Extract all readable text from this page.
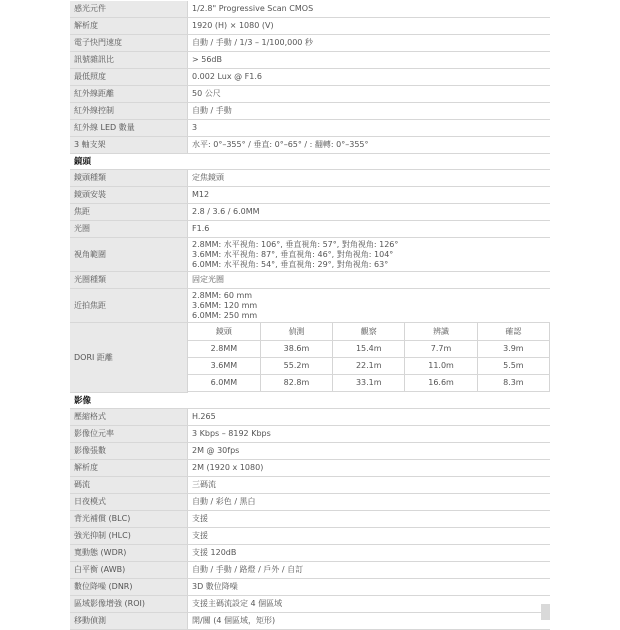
感光元件	1/2.8" Progressive Scan CMOS
解析度	1920 (H) × 1080 (V)
電子快門速度	自動 / 手動 / 1/3 – 1/100,000 秒
訊號雜訊比	> 56dB
最低照度	0.002 Lux @ F1.6
紅外線距離	50 公尺
紅外線控制	自動 / 手動
紅外線 LED 數量	3
3 軸支架	水平: 0°–355° / 垂直: 0°–65° / : 翻轉: 0°–355°
鏡頭
鏡頭種類	定焦鏡頭
鏡頭安裝	M12
焦距	2.8 / 3.6 / 6.0MM
光圈	F1.6
視角範圍	
2.8MM: 水平視角: 106°, 垂直視角: 57°, 對角視角: 126°
3.6MM: 水平視角: 87°, 垂直視角: 46°, 對角視角: 104°
6.0MM: 水平視角: 54°, 垂直視角: 29°, 對角視角: 63°

光圈種類	固定光圈
近拍焦距	
2.8MM: 60 mm
3.6MM: 120 mm
6.0MM: 250 mm

DORI 距離	
鏡頭	偵測	觀察	辨識	確認
2.8MM	38.6m	15.4m	7.7m	3.9m
3.6MM	55.2m	22.1m	11.0m	5.5m
6.0MM	82.8m	33.1m	16.6m	8.3m

影像
壓縮格式	H.265
影像位元率	3 Kbps – 8192 Kbps
影像張數	2M @ 30fps
解析度	2M (1920 x 1080)
碼流	三碼流
日夜模式	自動 / 彩色 / 黑白
背光補償 (BLC)	支援
強光抑制 (HLC)	支援
寬動態 (WDR)	支援 120dB
白平衡 (AWB)	自動 / 手動 / 路燈 / 戶外 / 自訂
數位降噪 (DNR)	3D 數位降噪
區域影像增強 (ROI)	支援主碼流設定 4 個區域
移動偵測	開/關 (4 個區域，矩形)
